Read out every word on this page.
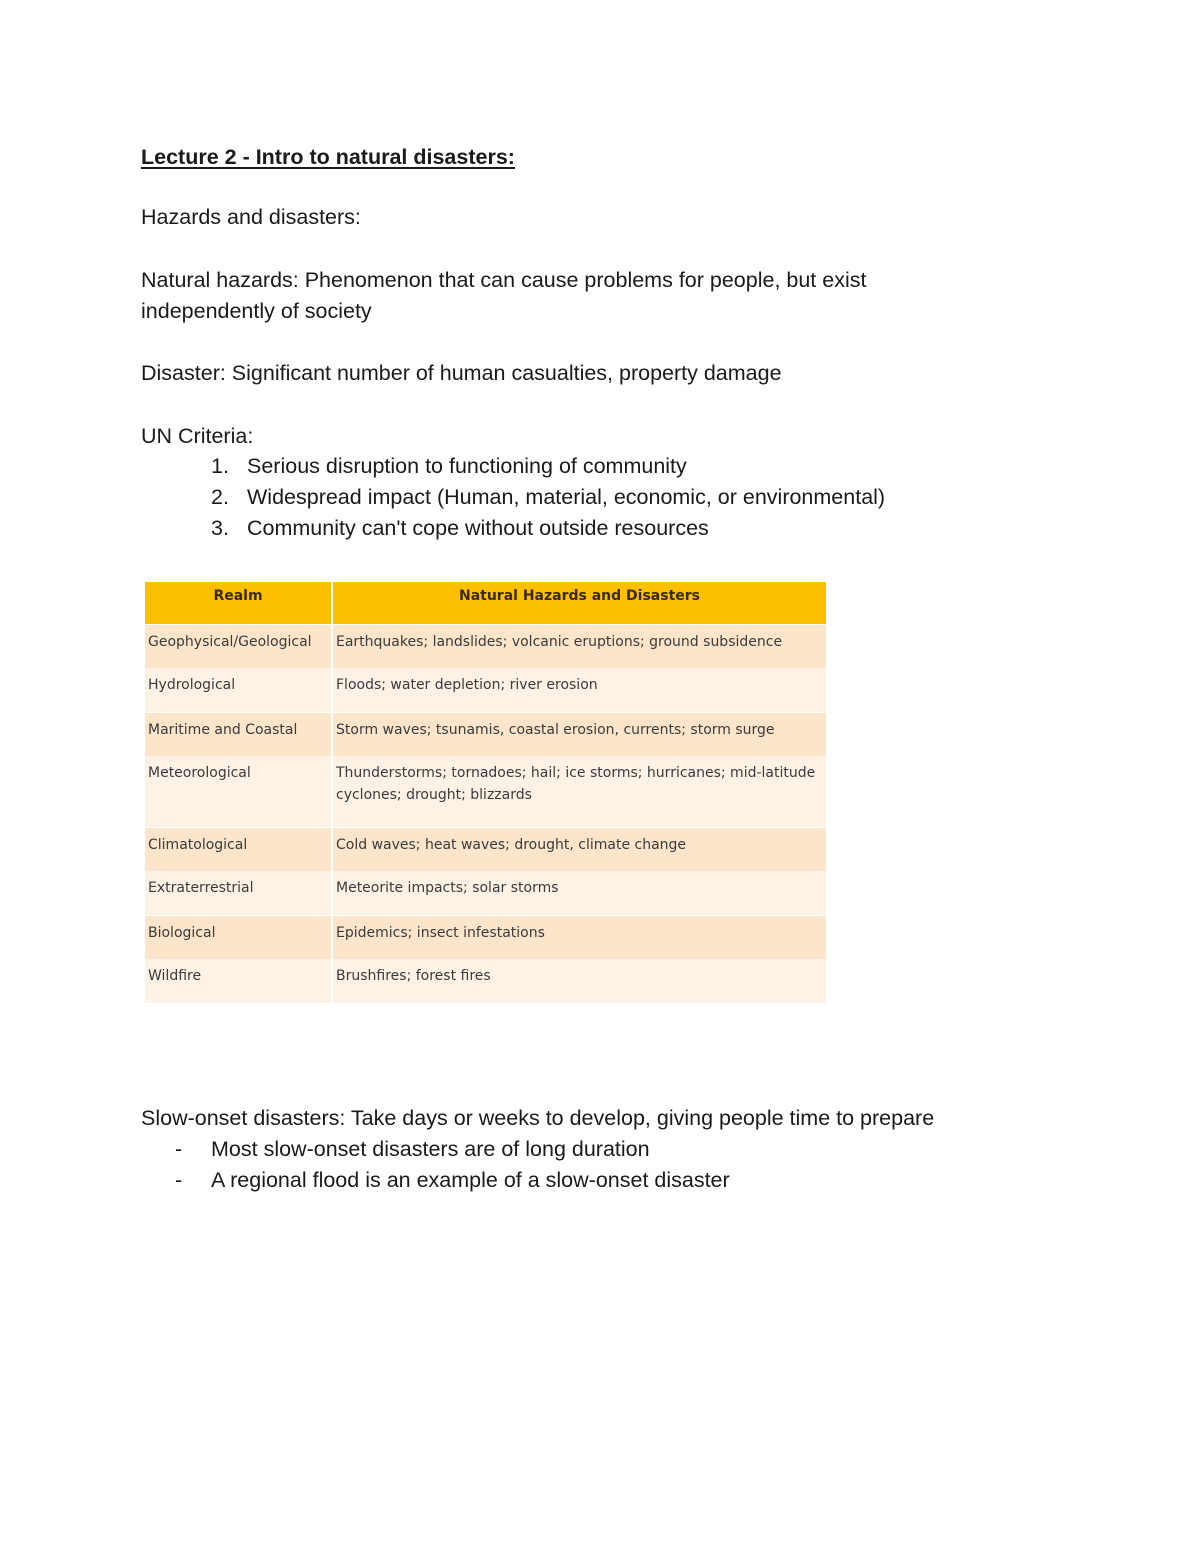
Lecture 2 - Intro to natural disasters:
Hazards and disasters:
Natural hazards: Phenomenon that can cause problems for people, but exist
independently of society
Disaster: Significant number of human casualties, property damage
UN Criteria:
1. Serious disruption to functioning of community
2. Widespread impact (Human, material, economic, or environmental)
3. Community can't cope without outside resources
Realm	Natural Hazards and Disasters
Geophysical/Geological	Earthquakes; landslides; volcanic eruptions; ground subsidence
Hydrological	Floods; water depletion; river erosion
Maritime and Coastal	Storm waves; tsunamis, coastal erosion, currents; storm surge
Meteorological	Thunderstorms; tornadoes; hail; ice storms; hurricanes; mid-latitude cyclones; drought; blizzards
Climatological	Cold waves; heat waves; drought, climate change
Extraterrestrial	Meteorite impacts; solar storms
Biological	Epidemics; insect infestations
Wildfire	Brushfires; forest fires
Slow-onset disasters: Take days or weeks to develop, giving people time to prepare
- Most slow-onset disasters are of long duration
- A regional flood is an example of a slow-onset disaster
